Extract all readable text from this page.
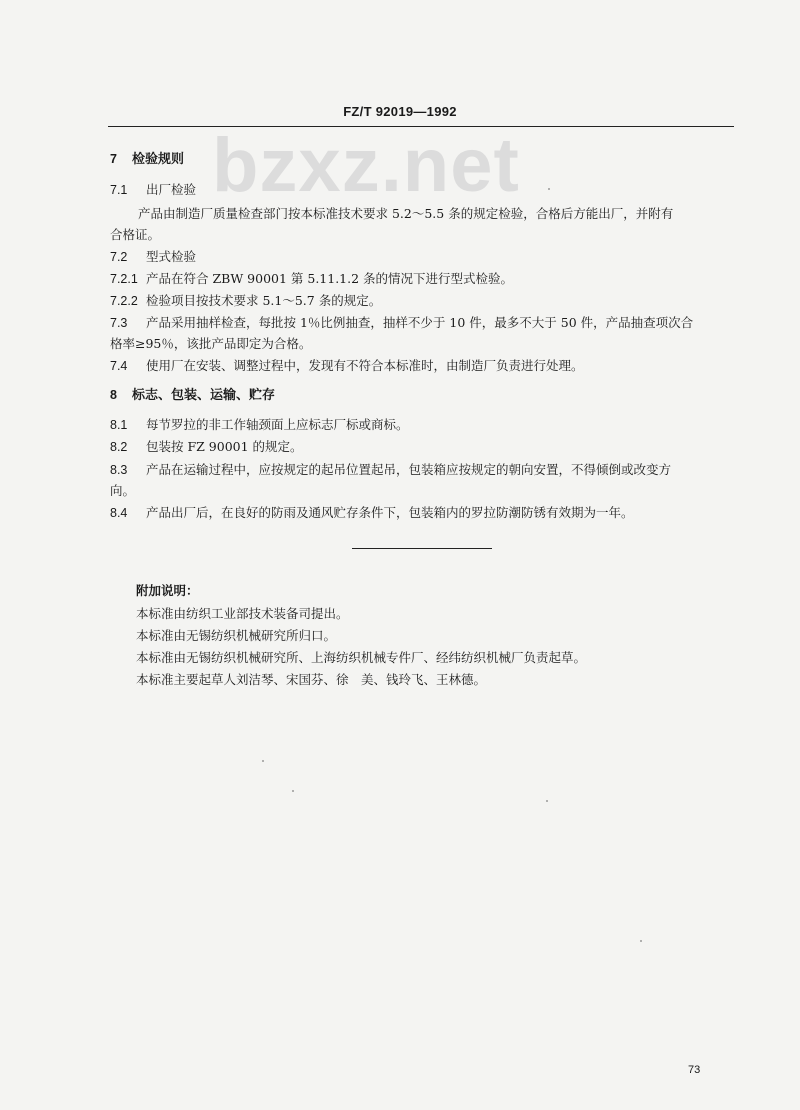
bzxz.net
FZ/T 92019—1992
7 检验规则
7.1 出厂检验
产品由制造厂质量检查部门按本标准技术要求 5.2～5.5 条的规定检验，合格后方能出厂，并附有
合格证。
7.2 型式检验
7.2.1 产品在符合 ZBW 90001 第 5.11.1.2 条的情况下进行型式检验。
7.2.2 检验项目按技术要求 5.1～5.7 条的规定。
7.3 产品采用抽样检查，每批按 1％比例抽查，抽样不少于 10 件，最多不大于 50 件，产品抽查项次合
格率≥95％，该批产品即定为合格。
7.4 使用厂在安装、调整过程中，发现有不符合本标准时，由制造厂负责进行处理。
8 标志、包装、运输、贮存
8.1 每节罗拉的非工作轴颈面上应标志厂标或商标。
8.2 包装按 FZ 90001 的规定。
8.3 产品在运输过程中，应按规定的起吊位置起吊，包装箱应按规定的朝向安置，不得倾倒或改变方
向。
8.4 产品出厂后，在良好的防雨及通风贮存条件下，包装箱内的罗拉防潮防锈有效期为一年。
附加说明：
本标准由纺织工业部技术装备司提出。
本标准由无锡纺织机械研究所归口。
本标准由无锡纺织机械研究所、上海纺织机械专件厂、经纬纺织机械厂负责起草。
本标准主要起草人刘洁琴、宋国芬、徐　美、钱玲飞、王林德。
73
